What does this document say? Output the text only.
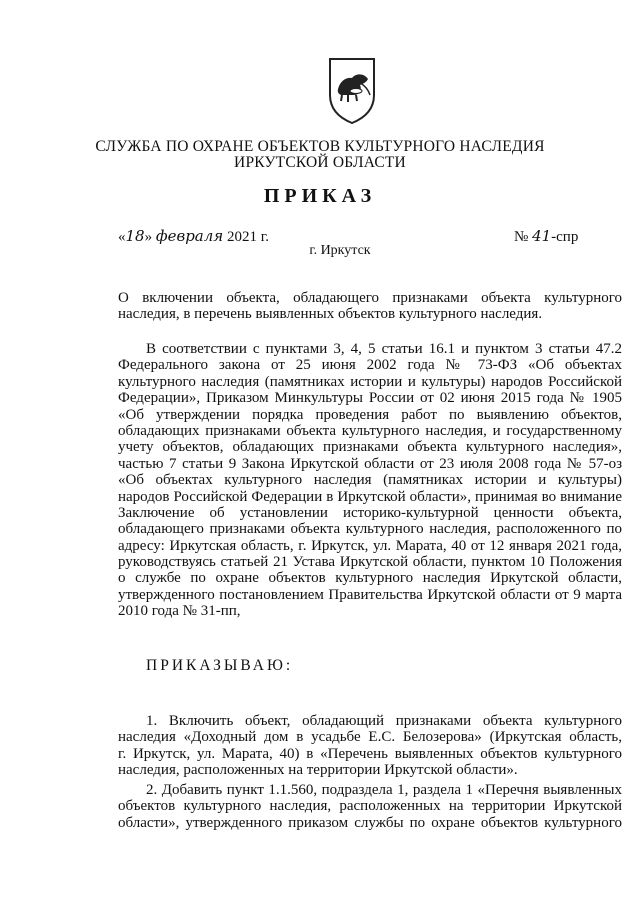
СЛУЖБА ПО ОХРАНЕ ОБЪЕКТОВ КУЛЬТУРНОГО НАСЛЕДИЯ
ИРКУТСКОЙ ОБЛАСТИ
ПРИКАЗ
«18» февраля 2021 г.	№ 41-спр
г. Иркутск
О включении объекта, обладающего признаками объекта культурного
наследия, в перечень выявленных объектов культурного наследия.
В соответствии с пунктами 3, 4, 5 статьи 16.1 и пунктом 3 статьи 47.2
Федерального закона от 25 июня 2002 года № 73-ФЗ «Об объектах
культурного наследия (памятниках истории и культуры) народов Российской
Федерации», Приказом Минкультуры России от 02 июня 2015 года № 1905
«Об утверждении порядка проведения работ по выявлению объектов,
обладающих признаками объекта культурного наследия, и государственному
учету объектов, обладающих признаками объекта культурного наследия»,
частью 7 статьи 9 Закона Иркутской области от 23 июля 2008 года № 57-оз
«Об объектах культурного наследия (памятниках истории и культуры)
народов Российской Федерации в Иркутской области», принимая во внимание
Заключение об установлении историко-культурной ценности объекта,
обладающего признаками объекта культурного наследия, расположенного по
адресу: Иркутская область, г. Иркутск, ул. Марата, 40 от 12 января 2021 года,
руководствуясь статьей 21 Устава Иркутской области, пунктом 10 Положения
о службе по охране объектов культурного наследия Иркутской области,
утвержденного постановлением Правительства Иркутской области от 9 марта
2010 года № 31-пп,
ПРИКАЗЫВАЮ:
1. Включить объект, обладающий признаками объекта культурного
наследия «Доходный дом в усадьбе Е.С. Белозерова» (Иркутская область,
г. Иркутск, ул. Марата, 40) в «Перечень выявленных объектов культурного
наследия, расположенных на территории Иркутской области».
2. Добавить пункт 1.1.560, подраздела 1, раздела 1 «Перечня выявленных
объектов культурного наследия, расположенных на территории Иркутской
области», утвержденного приказом службы по охране объектов культурного
